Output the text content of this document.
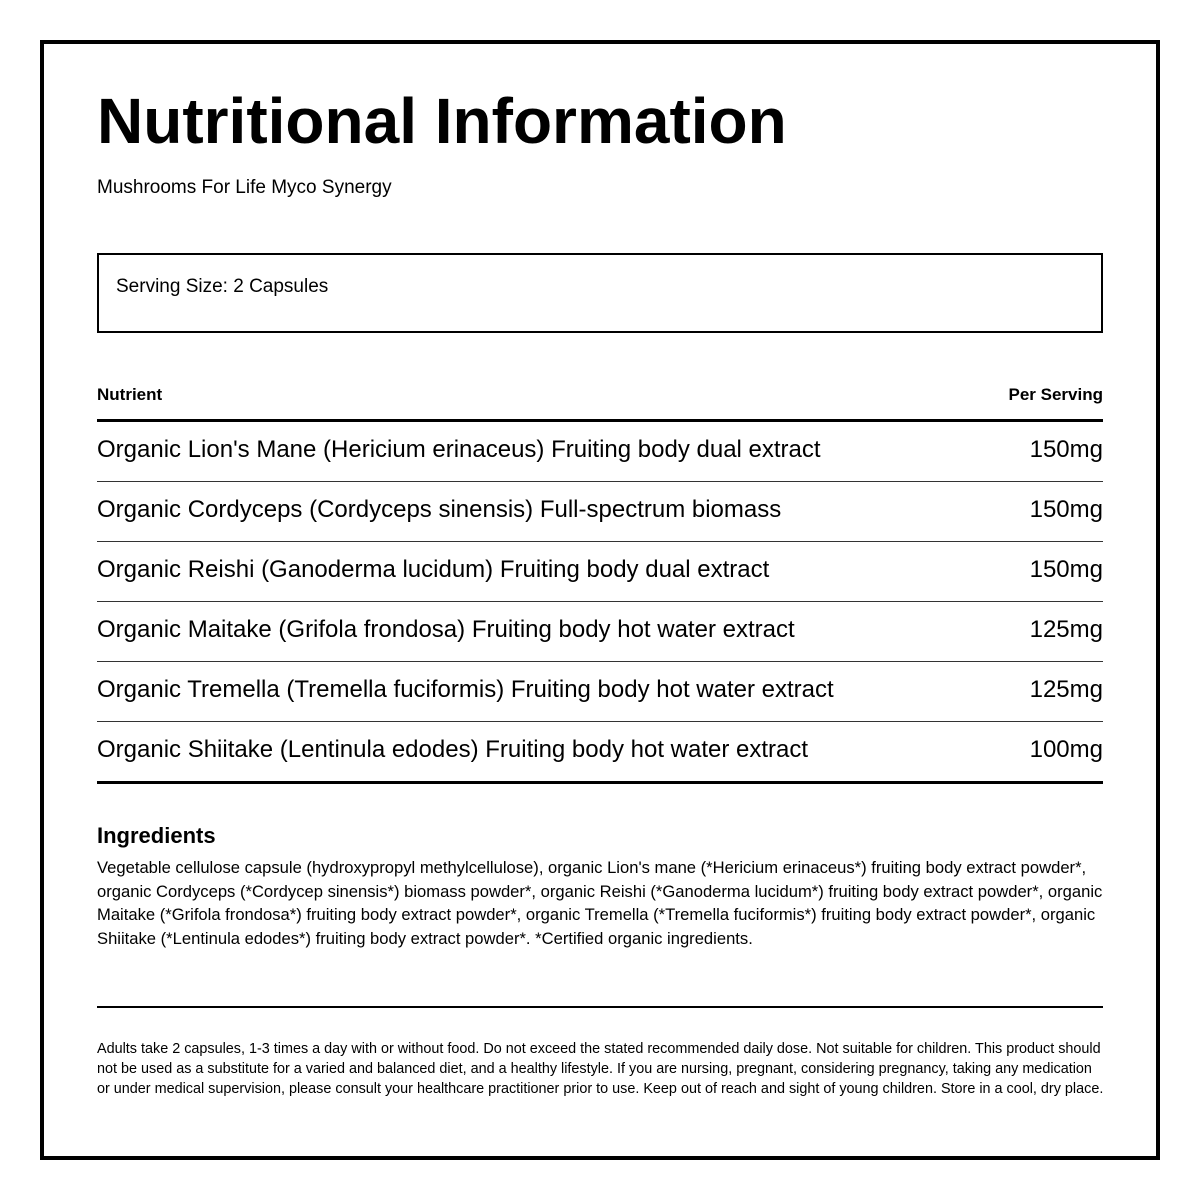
Nutritional Information
Mushrooms For Life Myco Synergy
Serving Size: 2 Capsules
Nutrient	Per Serving
Organic Lion's Mane (Hericium erinaceus) Fruiting body dual extract	150mg
Organic Cordyceps (Cordyceps sinensis) Full-spectrum biomass	150mg
Organic Reishi (Ganoderma lucidum) Fruiting body dual extract	150mg
Organic Maitake (Grifola frondosa) Fruiting body hot water extract	125mg
Organic Tremella (Tremella fuciformis) Fruiting body hot water extract	125mg
Organic Shiitake (Lentinula edodes) Fruiting body hot water extract	100mg
Ingredients

Vegetable cellulose capsule (hydroxypropyl methylcellulose), organic Lion's mane (*Hericium erinaceus*) fruiting body extract powder*, organic Cordyceps (*Cordycep sinensis*) biomass powder*, organic Reishi (*Ganoderma lucidum*) fruiting body extract powder*, organic Maitake (*Grifola frondosa*) fruiting body extract powder*, organic Tremella (*Tremella fuciformis*) fruiting body extract powder*, organic Shiitake (*Lentinula edodes*) fruiting body extract powder*. *Certified organic ingredients.

Adults take 2 capsules, 1-3 times a day with or without food. Do not exceed the stated recommended daily dose. Not suitable for children. This product should not be used as a substitute for a varied and balanced diet, and a healthy lifestyle. If you are nursing, pregnant, considering pregnancy, taking any medication or under medical supervision, please consult your healthcare practitioner prior to use. Keep out of reach and sight of young children. Store in a cool, dry place.
